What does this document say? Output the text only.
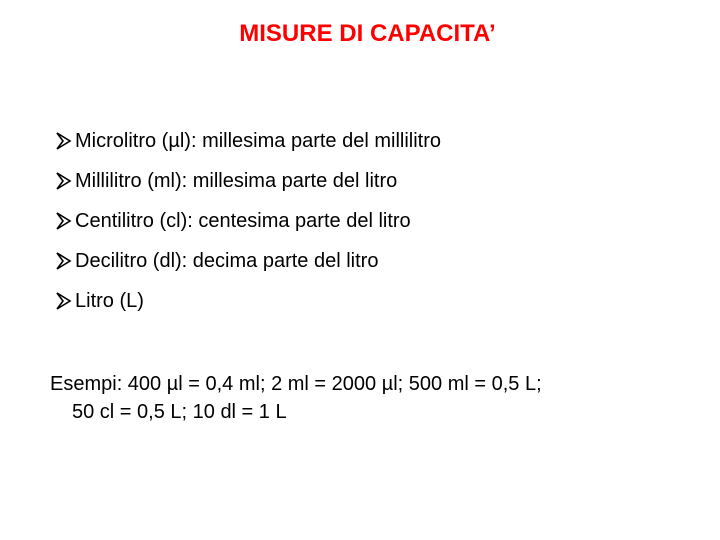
MISURE DI CAPACITA’
Microlitro (µl): millesima parte del millilitro
Millilitro (ml): millesima parte del litro
Centilitro (cl): centesima parte del litro
Decilitro (dl): decima parte del litro
Litro (L)
Esempi: 400 µl = 0,4 ml; 2 ml = 2000 µl; 500 ml = 0,5 L;
50 cl = 0,5 L; 10 dl = 1 L
